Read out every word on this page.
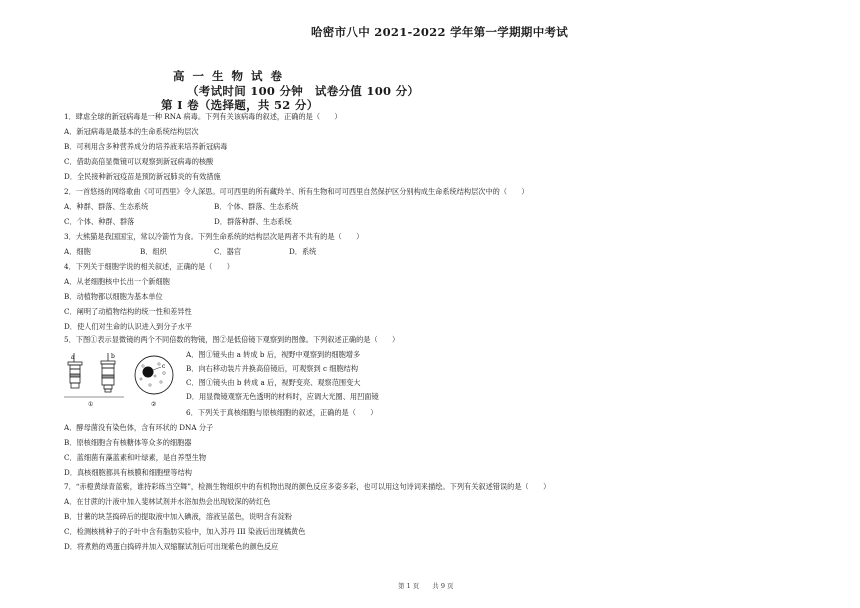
哈密市八中 2021-2022 学年第一学期期中考试
高 一 生 物 试 卷
（考试时间 100 分钟　试卷分值 100 分）
第 I 卷（选择题，共 52 分）
1．肆虐全球的新冠病毒是一种 RNA 病毒。下列有关该病毒的叙述，正确的是（　　）
A．新冠病毒是最基本的生命系统结构层次
B．可利用含多种营养成分的培养液来培养新冠病毒
C．借助高倍显微镜可以观察到新冠病毒的核酸
D．全民接种新冠疫苗是预防新冠肺炎的有效措施
2．一首悠扬的网络歌曲《可可西里》令人深思。可可西里的所有藏羚羊、所有生物和可可西里自然保护区分别构成生命系统结构层次中的（　　）
A．种群、群落、生态系统	B．个体、群落、生态系统
C．个体、种群、群落	D．群落种群、生态系统
3．大熊猫是我国国宝，常以冷箭竹为食。下列生命系统的结构层次是两者不共有的是（　　）
A．细胞	B．组织	C．器官	D．系统
4．下列关于细胞学说的相关叙述，正确的是（　　）
A．从老细胞核中长出一个新细胞
B．动植物都以细胞为基本单位
C．阐明了动植物结构的统一性和差异性
D．使人们对生命的认识进入到分子水平
5．下图①表示显微镜的两个不同倍数的物镜，图②是低倍镜下观察到的图像。下列叙述正确的是（　　）
a	b
①
c
②
A．图①镜头由 a 转成 b 后，视野中观察到的细胞增多
B．向右移动装片并换高倍镜后，可观察到 c 细胞结构
C．图①镜头由 b 转成 a 后，视野变亮、观察范围变大
D．用显微镜观察无色透明的材料时，应调大光圈、用凹面镜
6．下列关于真核细胞与原核细胞的叙述，正确的是（　　）
A．酵母菌没有染色体，含有环状的 DNA 分子
B．原核细胞含有核糖体等众多的细胞器
C．蓝细菌有藻蓝素和叶绿素，是自养型生物
D．真核细胞都具有核膜和细胞壁等结构
7．“赤橙黄绿青蓝紫，谁持彩练当空舞”，检测生物组织中的有机物出现的颜色反应多姿多彩，也可以用这句诗词来描绘。下列有关叙述错误的是（　　）
A．在甘蔗的汁液中加入斐林试剂并水浴加热会出现较深的砖红色
B．甘薯的块茎捣碎后的提取液中加入碘液，溶液呈蓝色，说明含有淀粉
C．检测核桃种子的子叶中含有脂肪实验中，加入苏丹 III 染液后出现橘黄色
D．将煮熟的鸡蛋白捣碎并加入双缩脲试剂后可出现紫色的颜色反应
第 1 页　　共 9 页
